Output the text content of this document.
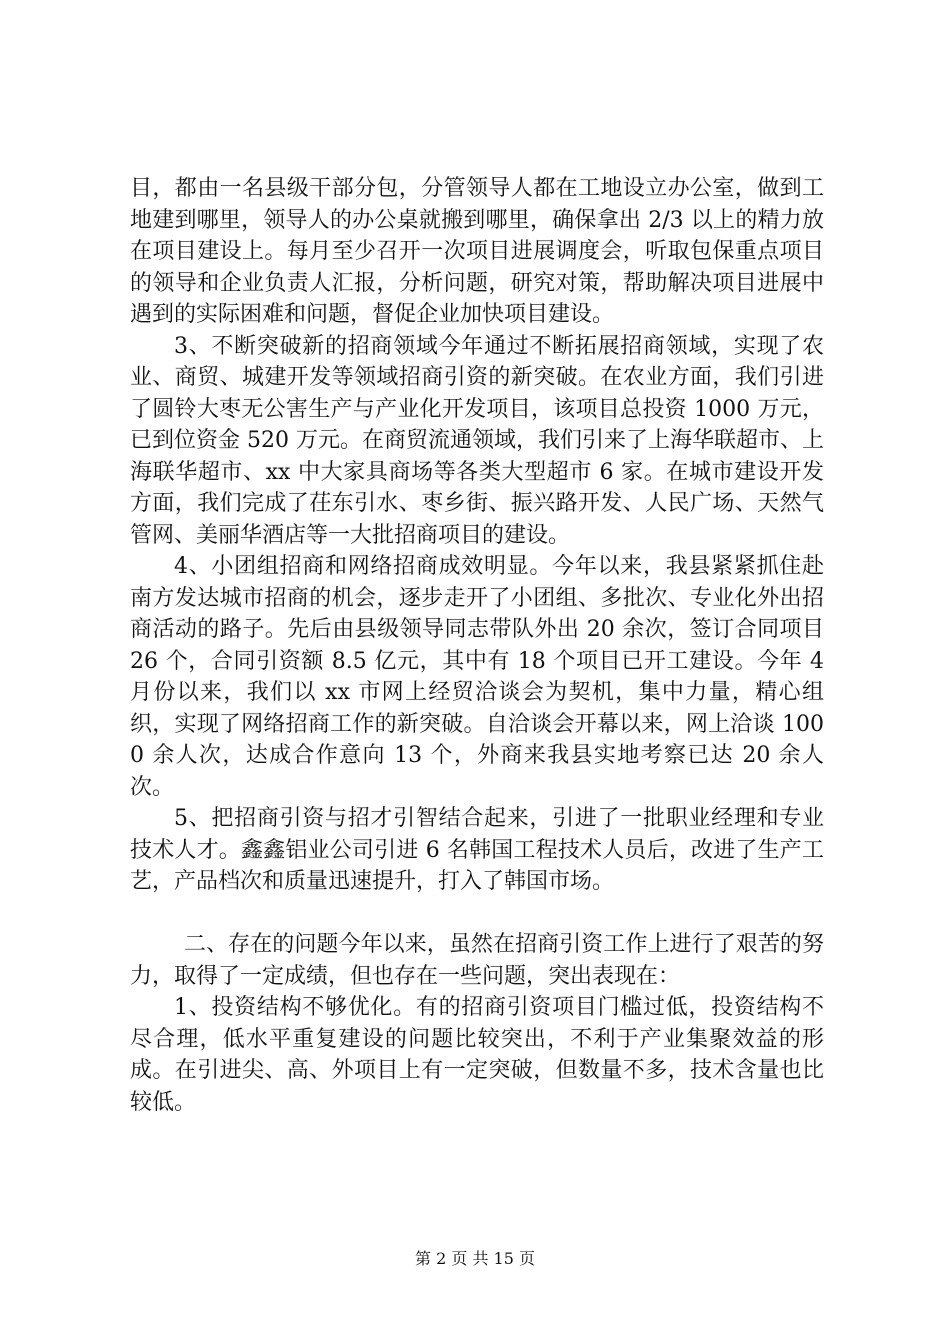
目，都由一名县级干部分包，分管领导人都在工地设立办公室，做到工地建到哪里，领导人的办公桌就搬到哪里，确保拿出 2/3 以上的精力放在项目建设上。每月至少召开一次项目进展调度会，听取包保重点项目的领导和企业负责人汇报，分析问题，研究对策，帮助解决项目进展中遇到的实际困难和问题，督促企业加快项目建设。

3、不断突破新的招商领域今年通过不断拓展招商领域，实现了农业、商贸、城建开发等领域招商引资的新突破。在农业方面，我们引进了圆铃大枣无公害生产与产业化开发项目，该项目总投资 1000 万元，已到位资金 520 万元。在商贸流通领域，我们引来了上海华联超市、上海联华超市、xx 中大家具商场等各类大型超市 6 家。在城市建设开发方面，我们完成了茌东引水、枣乡街、振兴路开发、人民广场、天然气管网、美丽华酒店等一大批招商项目的建设。

4、小团组招商和网络招商成效明显。今年以来，我县紧紧抓住赴南方发达城市招商的机会，逐步走开了小团组、多批次、专业化外出招商活动的路子。先后由县级领导同志带队外出 20 余次，签订合同项目 26 个，合同引资额 8.5 亿元，其中有 18 个项目已开工建设。今年 4 月份以来，我们以 xx 市网上经贸洽谈会为契机，集中力量，精心组织，实现了网络招商工作的新突破。自洽谈会开幕以来，网上洽谈 1000 余人次，达成合作意向 13 个，外商来我县实地考察已达 20 余人次。

5、把招商引资与招才引智结合起来，引进了一批职业经理和专业技术人才。鑫鑫铝业公司引进 6 名韩国工程技术人员后，改进了生产工艺，产品档次和质量迅速提升，打入了韩国市场。

二、存在的问题今年以来，虽然在招商引资工作上进行了艰苦的努力，取得了一定成绩，但也存在一些问题，突出表现在：

1、投资结构不够优化。有的招商引资项目门槛过低，投资结构不尽合理，低水平重复建设的问题比较突出，不利于产业集聚效益的形成。在引进尖、高、外项目上有一定突破，但数量不多，技术含量也比较低。

第 2 页 共 15 页
